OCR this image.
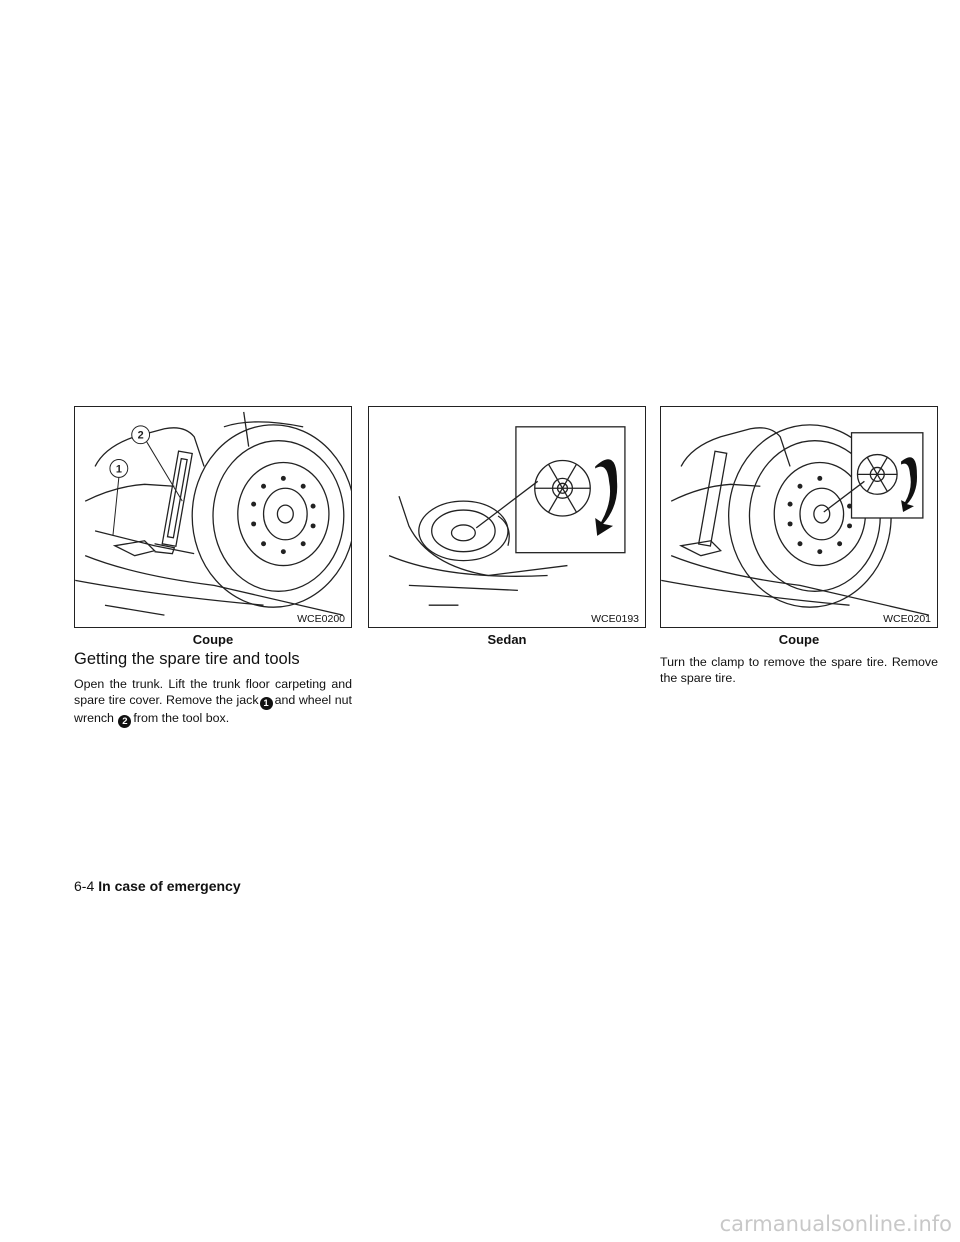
2
1
WCE0200
Coupe
WCE0193
Sedan
WCE0201
Coupe
Getting the spare tire and tools

Open the trunk. Lift the trunk floor carpeting and spare tire cover. Remove the jack 1 and wheel nut wrench 2 from the tool box.

Turn the clamp to remove the spare tire. Remove the spare tire.

6-4 In case of emergency
carmanualsonline.info
